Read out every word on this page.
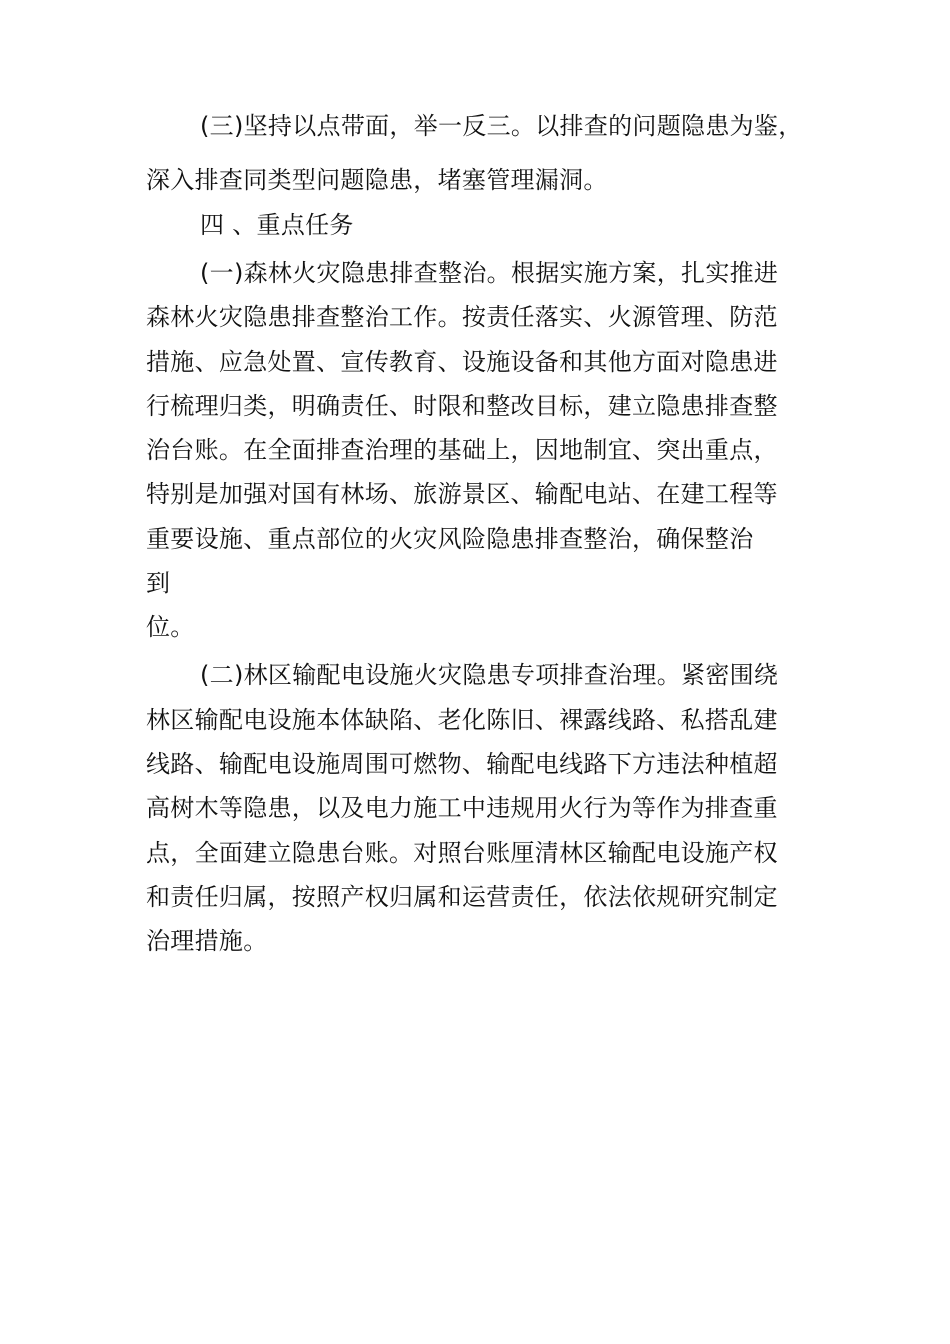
(三)坚持以点带面，举一反三。以排查的问题隐患为鉴，
深入排查同类型问题隐患，堵塞管理漏洞。
四 、重点任务
(一)森林火灾隐患排查整治。根据实施方案，扎实推进
森林火灾隐患排查整治工作。按责任落实、火源管理、防范
措施、应急处置、宣传教育、设施设备和其他方面对隐患进
行梳理归类，明确责任、时限和整改目标，建立隐患排查整
治台账。在全面排查治理的基础上，因地制宜、突出重点，
特别是加强对国有林场、旅游景区、输配电站、在建工程等
重要设施、重点部位的火灾风险隐患排查整治，确保整治
到
位。
(二)林区输配电设施火灾隐患专项排查治理。紧密围绕
林区输配电设施本体缺陷、老化陈旧、裸露线路、私搭乱建
线路、输配电设施周围可燃物、输配电线路下方违法种植超
高树木等隐患，以及电力施工中违规用火行为等作为排查重
点，全面建立隐患台账。对照台账厘清林区输配电设施产权
和责任归属，按照产权归属和运营责任，依法依规研究制定
治理措施。
